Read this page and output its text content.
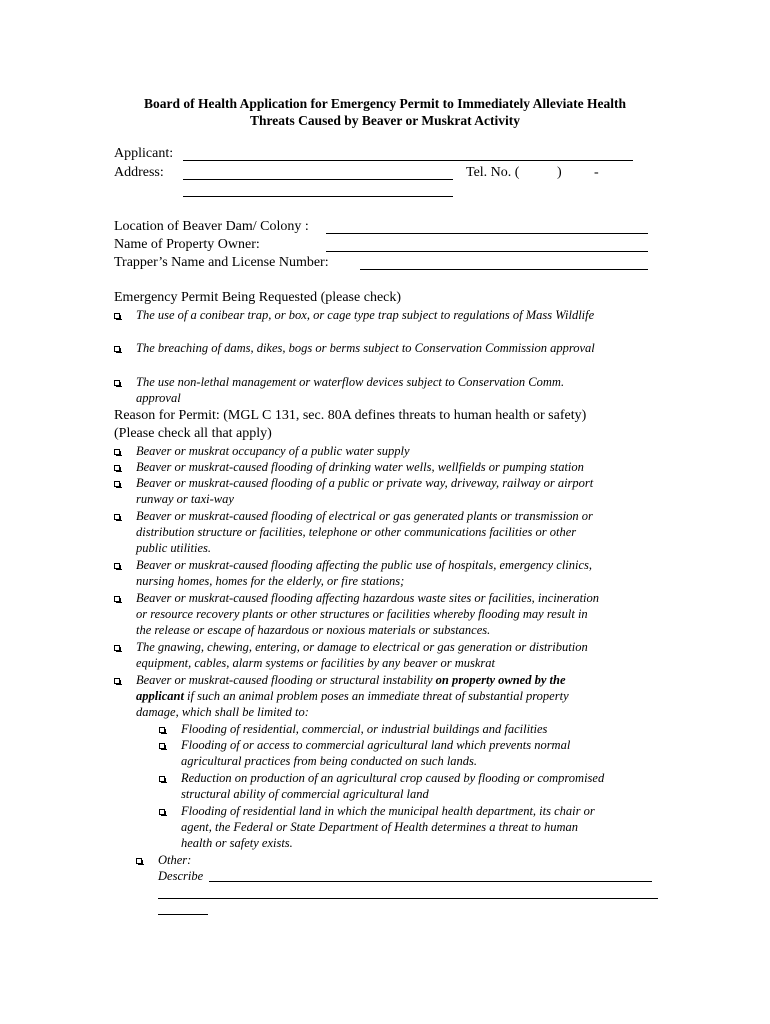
Board of Health Application for Emergency Permit to Immediately Alleviate Health
Threats Caused by Beaver or Muskrat Activity
Applicant:
Address:	Tel. No. (	) -
Location of Beaver Dam/ Colony :
Name of Property Owner:
Trapper’s Name and License Number:
Emergency Permit Being Requested (please check)
The use of a conibear trap, or box, or cage type trap subject to regulations of Mass Wildlife
The breaching of dams, dikes, bogs or berms subject to Conservation Commission approval
The use non-lethal management or waterflow devices subject to Conservation Comm.
approval
Reason for Permit: (MGL C 131, sec. 80A defines threats to human health or safety)
(Please check all that apply)
Beaver or muskrat occupancy of a public water supply
Beaver or muskrat-caused flooding of drinking water wells, wellfields or pumping station
Beaver or muskrat-caused flooding of a public or private way, driveway, railway or airport
runway or taxi-way
Beaver or muskrat-caused flooding of electrical or gas generated plants or transmission or
distribution structure or facilities, telephone or other communications facilities or other
public utilities.
Beaver or muskrat-caused flooding affecting the public use of hospitals, emergency clinics,
nursing homes, homes for the elderly, or fire stations;
Beaver or muskrat-caused flooding affecting hazardous waste sites or facilities, incineration
or resource recovery plants or other structures or facilities whereby flooding may result in
the release or escape of hazardous or noxious materials or substances.
The gnawing, chewing, entering, or damage to electrical or gas generation or distribution
equipment, cables, alarm systems or facilities by any beaver or muskrat
Beaver or muskrat-caused flooding or structural instability on property owned by the
applicant if such an animal problem poses an immediate threat of substantial property
damage, which shall be limited to:
Flooding of residential, commercial, or industrial buildings and facilities
Flooding of or access to commercial agricultural land which prevents normal
agricultural practices from being conducted on such lands.
Reduction on production of an agricultural crop caused by flooding or compromised
structural ability of commercial agricultural land
Flooding of residential land in which the municipal health department, its chair or
agent, the Federal or State Department of Health determines a threat to human
health or safety exists.
Other:
Describe
